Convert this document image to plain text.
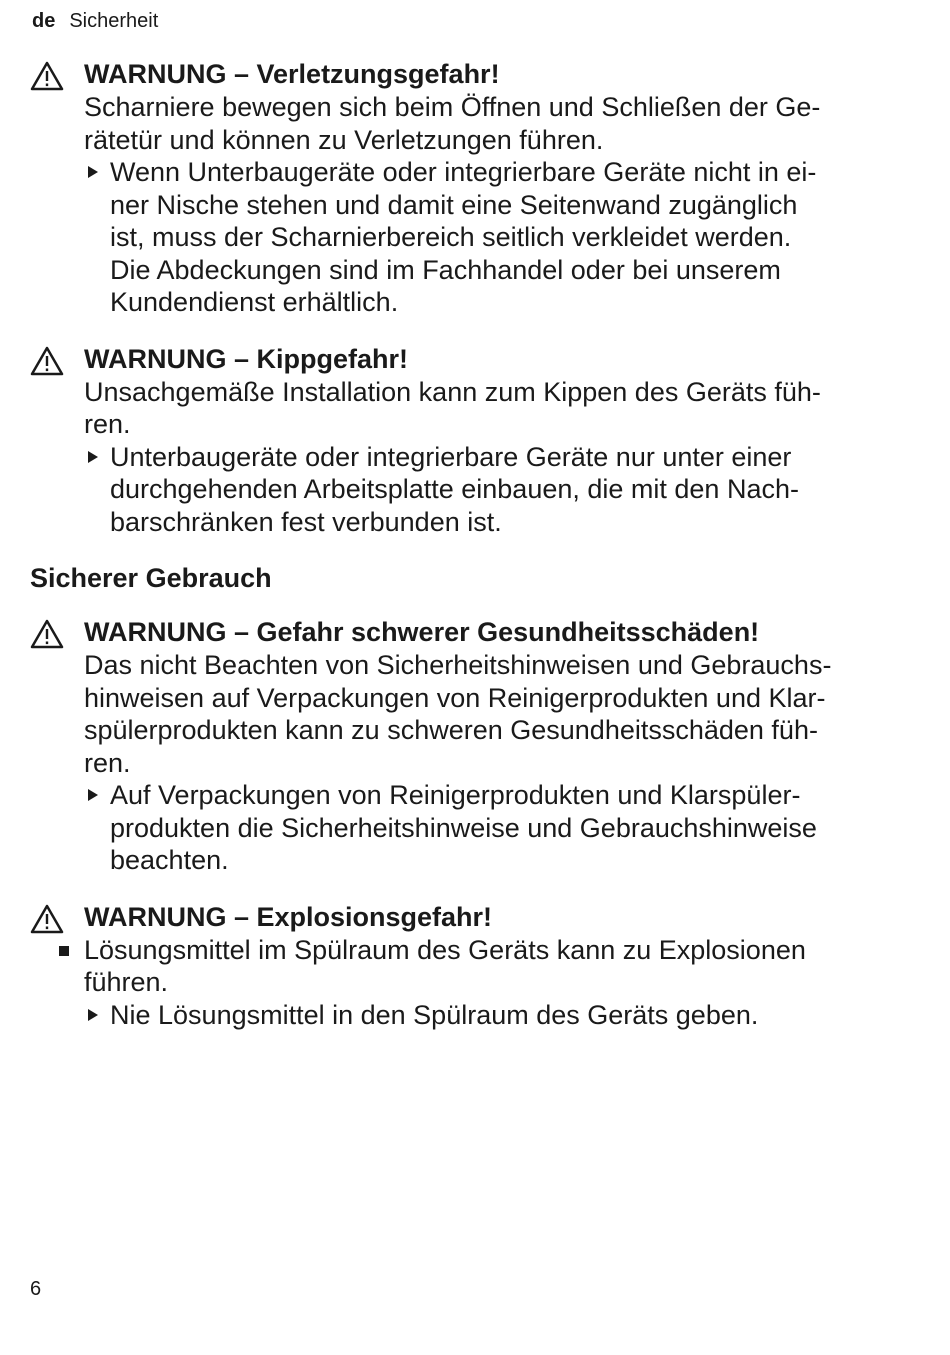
de Sicherheit
WARNUNG – Verletzungsgefahr!
Scharniere bewegen sich beim Öffnen und Schließen der Ge-
rätetür und können zu Verletzungen führen.
Wenn Unterbaugeräte oder integrierbare Geräte nicht in ei-
ner Nische stehen und damit eine Seitenwand zugänglich
ist, muss der Scharnierbereich seitlich verkleidet werden.
Die Abdeckungen sind im Fachhandel oder bei unserem
Kundendienst erhältlich.
WARNUNG – Kippgefahr!
Unsachgemäße Installation kann zum Kippen des Geräts füh-
ren.
Unterbaugeräte oder integrierbare Geräte nur unter einer
durchgehenden Arbeitsplatte einbauen, die mit den Nach-
barschränken fest verbunden ist.
Sicherer Gebrauch
WARNUNG – Gefahr schwerer Gesundheitsschäden!
Das nicht Beachten von Sicherheitshinweisen und Gebrauchs-
hinweisen auf Verpackungen von Reinigerprodukten und Klar-
spülerprodukten kann zu schweren Gesundheitsschäden füh-
ren.
Auf Verpackungen von Reinigerprodukten und Klarspüler-
produkten die Sicherheitshinweise und Gebrauchshinweise
beachten.
WARNUNG – Explosionsgefahr!
Lösungsmittel im Spülraum des Geräts kann zu Explosionen
führen.
Nie Lösungsmittel in den Spülraum des Geräts geben.
6
